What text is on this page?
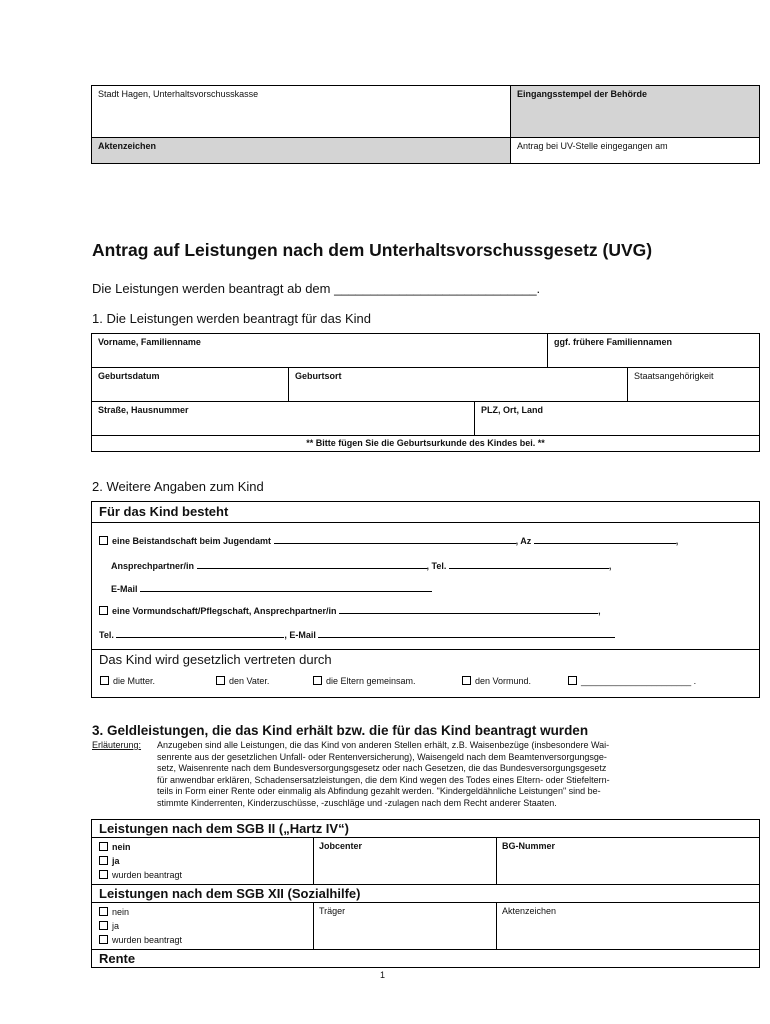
Stadt Hagen, Unterhaltsvorschusskasse	Eingangsstempel der Behörde
Aktenzeichen	Antrag bei UV-Stelle eingegangen am
Antrag auf Leistungen nach dem Unterhaltsvorschussgesetz (UVG)
Die Leistungen werden beantragt ab dem ____________________________.
1. Die Leistungen werden beantragt für das Kind
Vorname, Familienname			ggf. frühere Familiennamen	
Geburtsdatum	Geburtsort			Staatsangehörigkeit
Straße, Hausnummer		PLZ, Ort, Land		
** Bitte fügen Sie die Geburtsurkunde des Kindes bei. **				
2. Weitere Angaben zum Kind
Für das Kind besteht
eine Beistandschaft beim Jugendamt	, Az	,
Ansprechpartner/in	, Tel.	,
E-Mail
eine Vormundschaft/Pflegschaft, Ansprechpartner/in	,
Tel.	, E-Mail
Das Kind wird gesetzlich vertreten durch
die Mutter.	den Vater.	die Eltern gemeinsam.	den Vormund.	______________________ .
3. Geldleistungen, die das Kind erhält bzw. die für das Kind beantragt wurden
Erläuterung: Anzugeben sind alle Leistungen, die das Kind von anderen Stellen erhält, z.B. Waisenbezüge (insbesondere Wai-
senrente aus der gesetzlichen Unfall- oder Rentenversicherung), Waisengeld nach dem Beamtenversorgungsge-
setz, Waisenrente nach dem Bundesversorgungsgesetz oder nach Gesetzen, die das Bundesversorgungsgesetz
für anwendbar erklären, Schadensersatzleistungen, die dem Kind wegen des Todes eines Eltern- oder Stiefeltern-
teils in Form einer Rente oder einmalig als Abfindung gezahlt werden. "Kindergeldähnliche Leistungen" sind be-
stimmte Kinderrenten, Kinderzuschüsse, -zuschläge und -zulagen nach dem Recht anderer Staaten.
Leistungen nach dem SGB II („Hartz IV“)		

nein
ja
wurden beantragt	Jobcenter	BG-Nummer
Leistungen nach dem SGB XII (Sozialhilfe)		

nein
ja
wurden beantragt	Träger	Aktenzeichen
Rente		
1
